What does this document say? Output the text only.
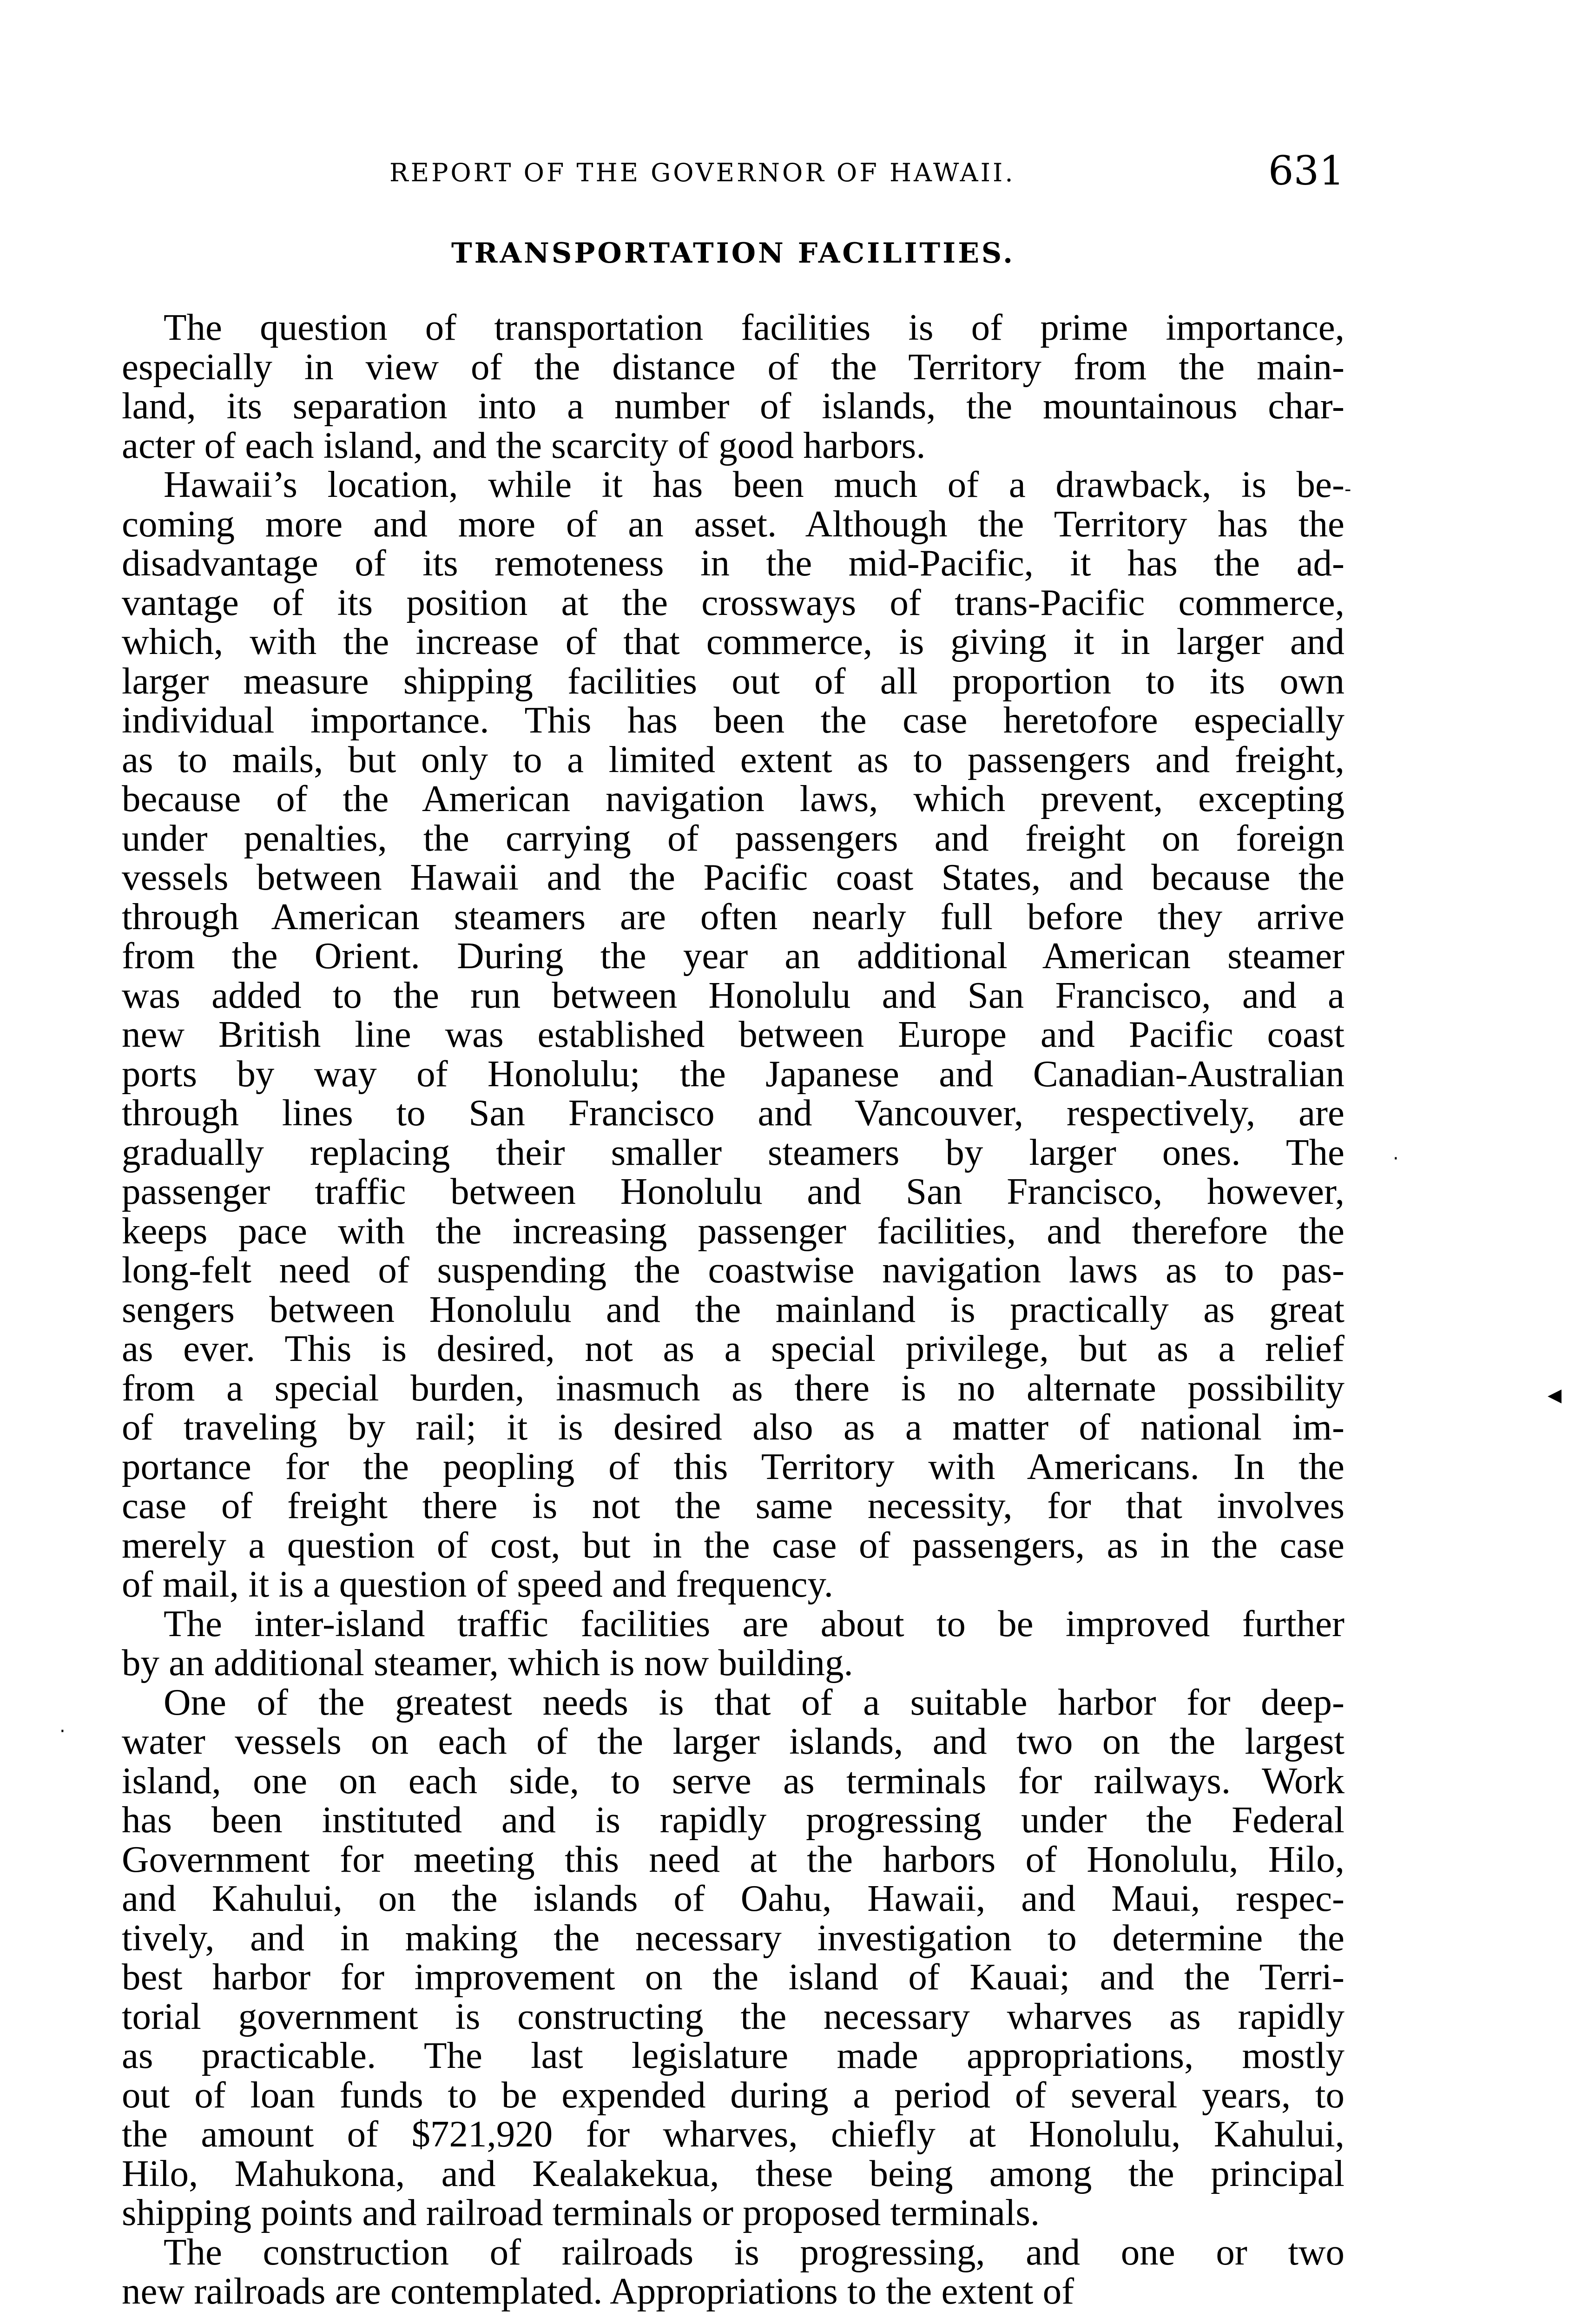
REPORT OF THE GOVERNOR OF HAWAII.	631
TRANSPORTATION FACILITIES.
The question of transportation facilities is of prime importance,
especially in view of the distance of the Territory from the main-
land, its separation into a number of islands, the mountainous char-
acter of each island, and the scarcity of good harbors.
Hawaii’s location, while it has been much of a drawback, is be-
coming more and more of an asset. Although the Territory has the
disadvantage of its remoteness in the mid-Pacific, it has the ad-
vantage of its position at the crossways of trans-Pacific commerce,
which, with the increase of that commerce, is giving it in larger and
larger measure shipping facilities out of all proportion to its own
individual importance. This has been the case heretofore especially
as to mails, but only to a limited extent as to passengers and freight,
because of the American navigation laws, which prevent, excepting
under penalties, the carrying of passengers and freight on foreign
vessels between Hawaii and the Pacific coast States, and because the
through American steamers are often nearly full before they arrive
from the Orient. During the year an additional American steamer
was added to the run between Honolulu and San Francisco, and a
new British line was established between Europe and Pacific coast
ports by way of Honolulu; the Japanese and Canadian-Australian
through lines to San Francisco and Vancouver, respectively, are
gradually replacing their smaller steamers by larger ones. The
passenger traffic between Honolulu and San Francisco, however,
keeps pace with the increasing passenger facilities, and therefore the
long-felt need of suspending the coastwise navigation laws as to pas-
sengers between Honolulu and the mainland is practically as great
as ever. This is desired, not as a special privilege, but as a relief
from a special burden, inasmuch as there is no alternate possibility
of traveling by rail; it is desired also as a matter of national im-
portance for the peopling of this Territory with Americans. In the
case of freight there is not the same necessity, for that involves
merely a question of cost, but in the case of passengers, as in the case
of mail, it is a question of speed and frequency.
The inter-island traffic facilities are about to be improved further
by an additional steamer, which is now building.
One of the greatest needs is that of a suitable harbor for deep-
water vessels on each of the larger islands, and two on the largest
island, one on each side, to serve as terminals for railways. Work
has been instituted and is rapidly progressing under the Federal
Government for meeting this need at the harbors of Honolulu, Hilo,
and Kahului, on the islands of Oahu, Hawaii, and Maui, respec-
tively, and in making the necessary investigation to determine the
best harbor for improvement on the island of Kauai; and the Terri-
torial government is constructing the necessary wharves as rapidly
as practicable. The last legislature made appropriations, mostly
out of loan funds to be expended during a period of several years, to
the amount of $721,920 for wharves, chiefly at Honolulu, Kahului,
Hilo, Mahukona, and Kealakekua, these being among the principal
shipping points and railroad terminals or proposed terminals.
The construction of railroads is progressing, and one or two
new railroads are contemplated. Appropriations to the extent of
-
·
◂
·
